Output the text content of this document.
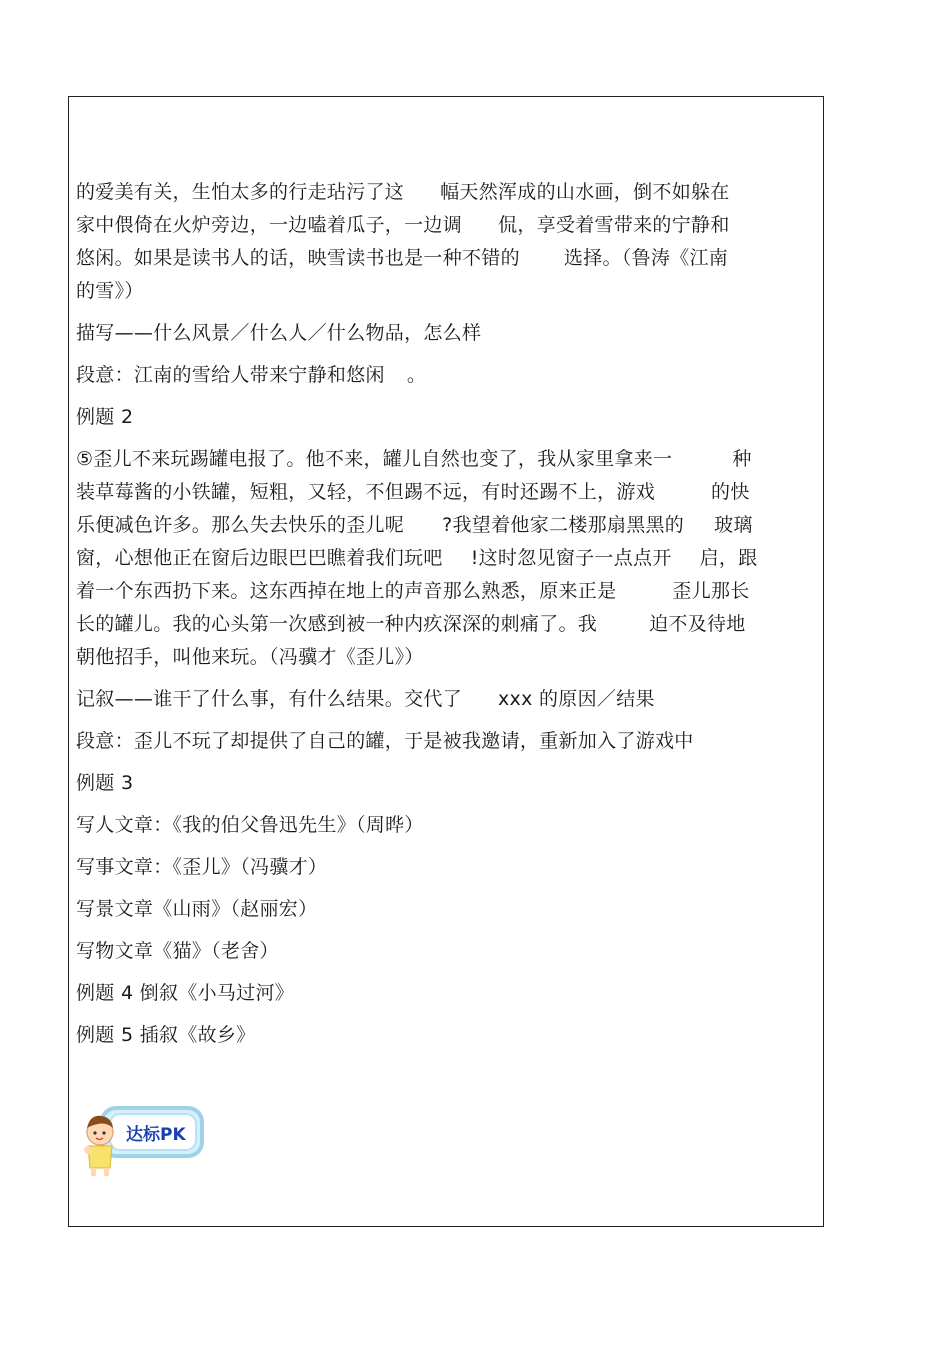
的爱美有关，生怕太多的行走玷污了这 幅天然浑成的山水画，倒不如躲在
家中偎倚在火炉旁边，一边嗑着瓜子，一边调 侃，享受着雪带来的宁静和
悠闲。如果是读书人的话，映雪读书也是一种不错的 选择。（鲁涛《江南
的雪》）
描写——什么风景／什么人／什么物品，怎么样
段意：江南的雪给人带来宁静和悠闲 。
例题 2
⑤歪儿不来玩踢罐电报了。他不来，罐儿自然也变了，我从家里拿来一	种
装草莓酱的小铁罐，短粗，又轻，不但踢不远，有时还踢不上，游戏	的快
乐便减色许多。那么失去快乐的歪儿呢 ?我望着他家二楼那扇黑黑的 玻璃
窗，心想他正在窗后边眼巴巴瞧着我们玩吧 !这时忽见窗子一点点开 启，跟
着一个东西扔下来。这东西掉在地上的声音那么熟悉，原来正是	歪儿那长
长的罐儿。我的心头第一次感到被一种内疚深深的刺痛了。我	迫不及待地
朝他招手，叫他来玩。（冯骥才《歪儿》）
记叙——谁干了什么事，有什么结果。交代了 xxx 的原因／结果
段意：歪儿不玩了却提供了自己的罐，于是被我邀请，重新加入了游戏中
例题 3
写人文章：《我的伯父鲁迅先生》（周晔）
写事文章：《歪儿》（冯骥才）
写景文章《山雨》（赵丽宏）
写物文章《猫》（老舍）
例题 4 倒叙《小马过河》
例题 5 插叙《故乡》
达标PK
